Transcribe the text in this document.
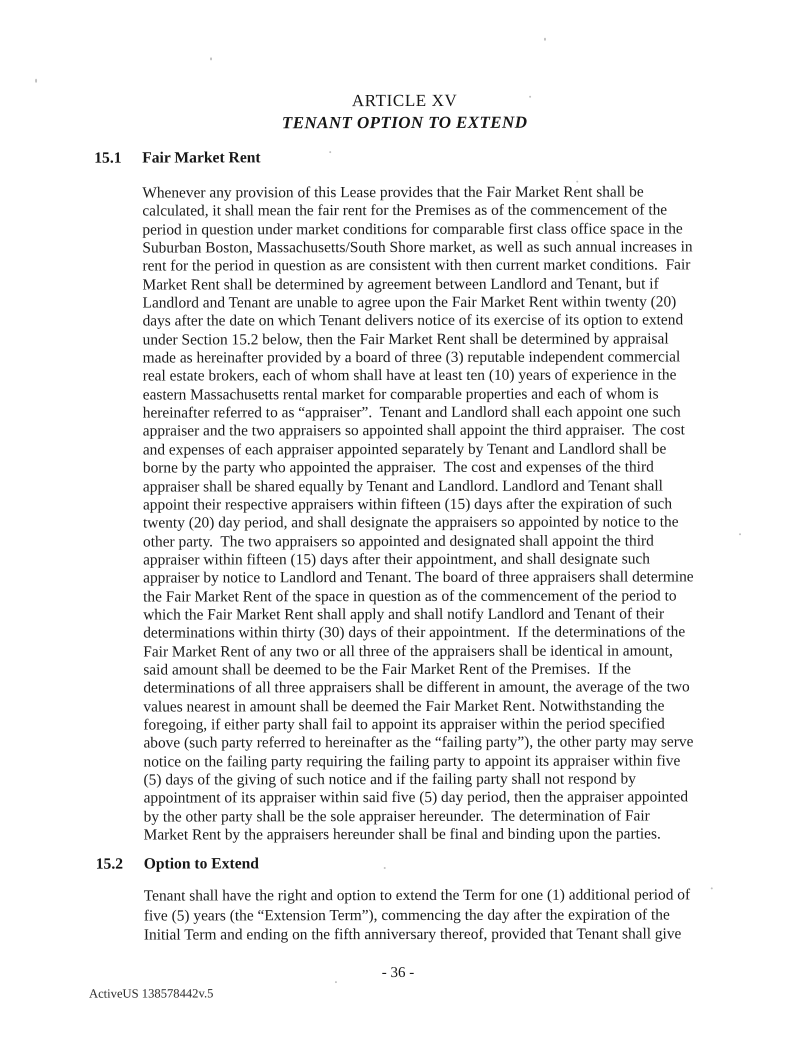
ARTICLE XV
TENANT OPTION TO EXTEND
15.1 Fair Market Rent
Whenever any provision of this Lease provides that the Fair Market Rent shall be
calculated, it shall mean the fair rent for the Premises as of the commencement of the
period in question under market conditions for comparable first class office space in the
Suburban Boston, Massachusetts/South Shore market, as well as such annual increases in
rent for the period in question as are consistent with then current market conditions.  Fair
Market Rent shall be determined by agreement between Landlord and Tenant, but if
Landlord and Tenant are unable to agree upon the Fair Market Rent within twenty (20)
days after the date on which Tenant delivers notice of its exercise of its option to extend
under Section 15.2 below, then the Fair Market Rent shall be determined by appraisal
made as hereinafter provided by a board of three (3) reputable independent commercial
real estate brokers, each of whom shall have at least ten (10) years of experience in the
eastern Massachusetts rental market for comparable properties and each of whom is
hereinafter referred to as “appraiser”.  Tenant and Landlord shall each appoint one such
appraiser and the two appraisers so appointed shall appoint the third appraiser.  The cost
and expenses of each appraiser appointed separately by Tenant and Landlord shall be
borne by the party who appointed the appraiser.  The cost and expenses of the third
appraiser shall be shared equally by Tenant and Landlord. Landlord and Tenant shall
appoint their respective appraisers within fifteen (15) days after the expiration of such
twenty (20) day period, and shall designate the appraisers so appointed by notice to the
other party.  The two appraisers so appointed and designated shall appoint the third
appraiser within fifteen (15) days after their appointment, and shall designate such
appraiser by notice to Landlord and Tenant. The board of three appraisers shall determine
the Fair Market Rent of the space in question as of the commencement of the period to
which the Fair Market Rent shall apply and shall notify Landlord and Tenant of their
determinations within thirty (30) days of their appointment.  If the determinations of the
Fair Market Rent of any two or all three of the appraisers shall be identical in amount,
said amount shall be deemed to be the Fair Market Rent of the Premises.  If the
determinations of all three appraisers shall be different in amount, the average of the two
values nearest in amount shall be deemed the Fair Market Rent. Notwithstanding the
foregoing, if either party shall fail to appoint its appraiser within the period specified
above (such party referred to hereinafter as the “failing party”), the other party may serve
notice on the failing party requiring the failing party to appoint its appraiser within five
(5) days of the giving of such notice and if the failing party shall not respond by
appointment of its appraiser within said five (5) day period, then the appraiser appointed
by the other party shall be the sole appraiser hereunder.  The determination of Fair
Market Rent by the appraisers hereunder shall be final and binding upon the parties.
15.2 Option to Extend
Tenant shall have the right and option to extend the Term for one (1) additional period of
five (5) years (the “Extension Term”), commencing the day after the expiration of the
Initial Term and ending on the fifth anniversary thereof, provided that Tenant shall give
- 36 -
ActiveUS 138578442v.5
